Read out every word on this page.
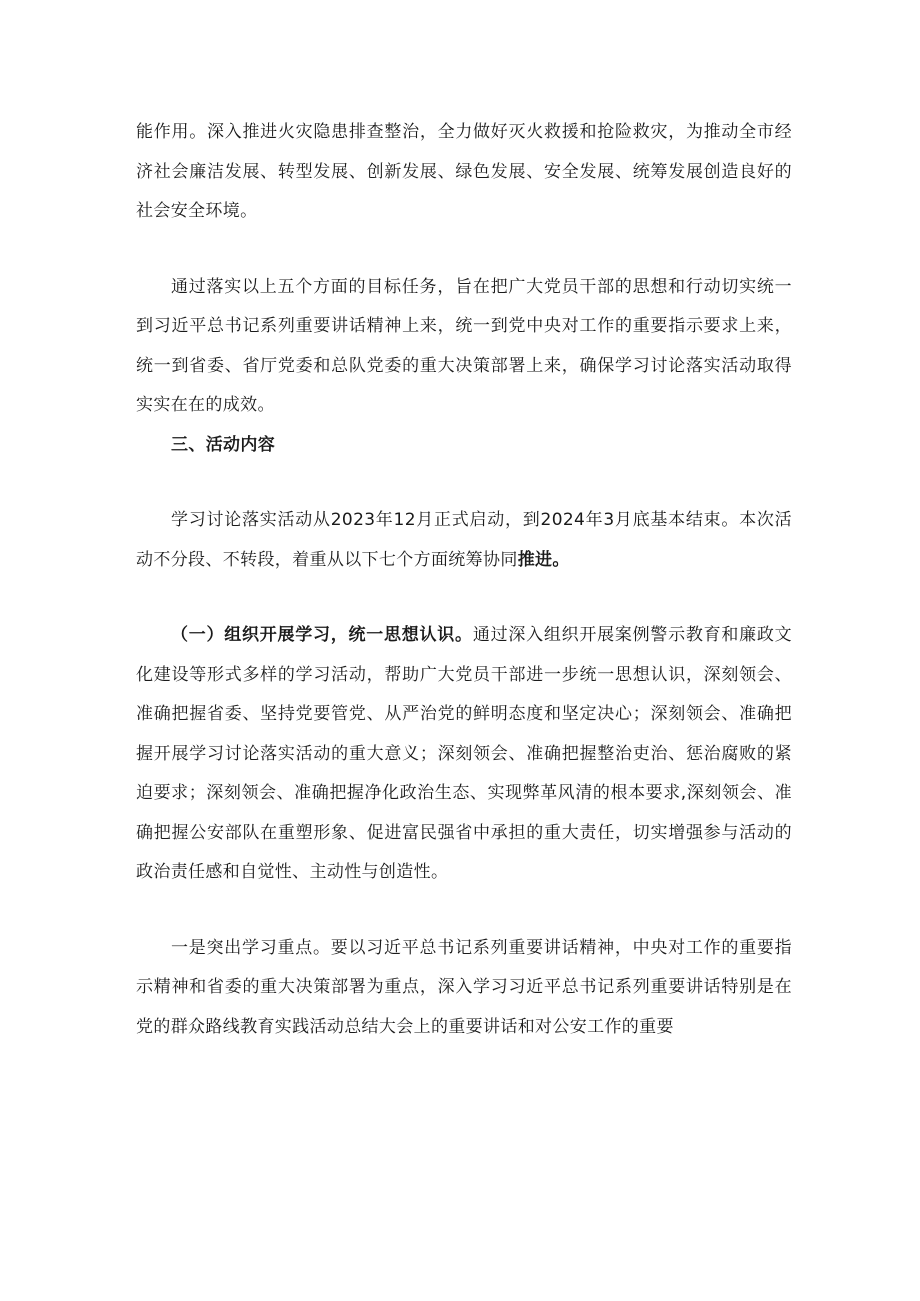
能作用。深入推进火灾隐患排查整治，全力做好灭火救援和抢险救灾，为推动全市经济社会廉洁发展、转型发展、创新发展、绿色发展、安全发展、统筹发展创造良好的社会安全环境。

通过落实以上五个方面的目标任务，旨在把广大党员干部的思想和行动切实统一到习近平总书记系列重要讲话精神上来，统一到党中央对工作的重要指示要求上来，统一到省委、省厅党委和总队党委的重大决策部署上来，确保学习讨论落实活动取得实实在在的成效。

三、活动内容

学习讨论落实活动从2023年12月正式启动，到2024年3月底基本结束。本次活动不分段、不转段，着重从以下七个方面统筹协同推进。

（一）组织开展学习，统一思想认识。通过深入组织开展案例警示教育和廉政文化建设等形式多样的学习活动，帮助广大党员干部进一步统一思想认识，深刻领会、准确把握省委、坚持党要管党、从严治党的鲜明态度和坚定决心；深刻领会、准确把握开展学习讨论落实活动的重大意义；深刻领会、准确把握整治吏治、惩治腐败的紧迫要求；深刻领会、准确把握净化政治生态、实现弊革风清的根本要求,深刻领会、准确把握公安部队在重塑形象、促进富民强省中承担的重大责任，切实增强参与活动的政治责任感和自觉性、主动性与创造性。

一是突出学习重点。要以习近平总书记系列重要讲话精神，中央对工作的重要指示精神和省委的重大决策部署为重点，深入学习习近平总书记系列重要讲话特别是在党的群众路线教育实践活动总结大会上的重要讲话和对公安工作的重要
